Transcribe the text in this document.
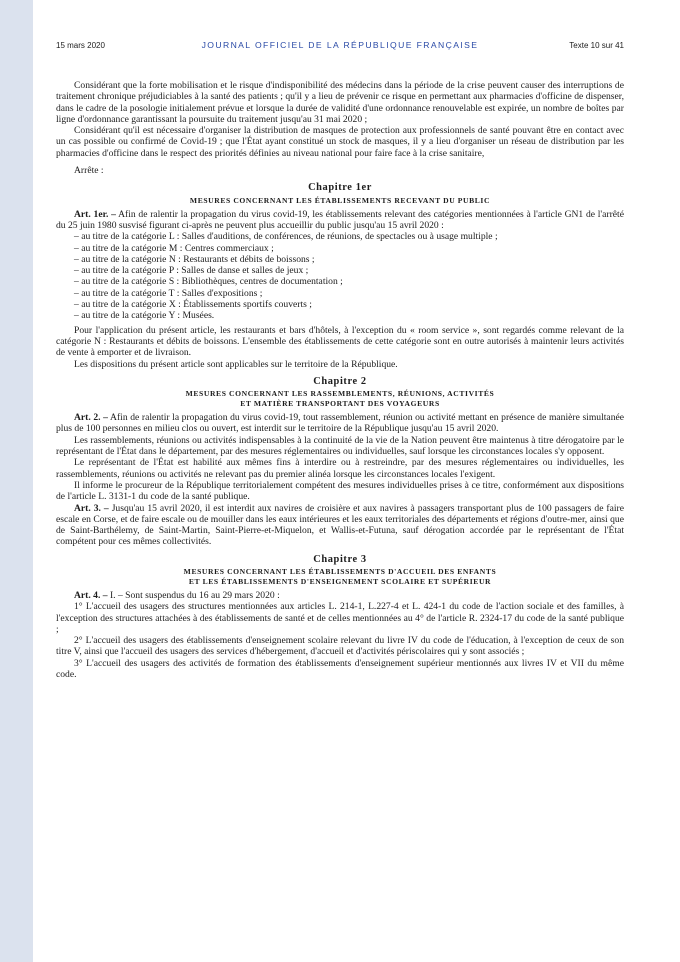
15 mars 2020	JOURNAL OFFICIEL DE LA RÉPUBLIQUE FRANÇAISE	Texte 10 sur 41

Considérant que la forte mobilisation et le risque d'indisponibilité des médecins dans la période de la crise peuvent causer des interruptions de traitement chronique préjudiciables à la santé des patients ; qu'il y a lieu de prévenir ce risque en permettant aux pharmacies d'officine de dispenser, dans le cadre de la posologie initialement prévue et lorsque la durée de validité d'une ordonnance renouvelable est expirée, un nombre de boîtes par ligne d'ordonnance garantissant la poursuite du traitement jusqu'au 31 mai 2020 ;

Considérant qu'il est nécessaire d'organiser la distribution de masques de protection aux professionnels de santé pouvant être en contact avec un cas possible ou confirmé de Covid-19 ; que l'État ayant constitué un stock de masques, il y a lieu d'organiser un réseau de distribution par les pharmacies d'officine dans le respect des priorités définies au niveau national pour faire face à la crise sanitaire,

Arrête :

Chapitre 1er
MESURES CONCERNANT LES ÉTABLISSEMENTS RECEVANT DU PUBLIC

Art. 1er. – Afin de ralentir la propagation du virus covid-19, les établissements relevant des catégories mentionnées à l'article GN1 de l'arrêté du 25 juin 1980 susvisé figurant ci-après ne peuvent plus accueillir du public jusqu'au 15 avril 2020 :

– au titre de la catégorie L : Salles d'auditions, de conférences, de réunions, de spectacles ou à usage multiple ;

– au titre de la catégorie M : Centres commerciaux ;

– au titre de la catégorie N : Restaurants et débits de boissons ;

– au titre de la catégorie P : Salles de danse et salles de jeux ;

– au titre de la catégorie S : Bibliothèques, centres de documentation ;

– au titre de la catégorie T : Salles d'expositions ;

– au titre de la catégorie X : Établissements sportifs couverts ;

– au titre de la catégorie Y : Musées.

Pour l'application du présent article, les restaurants et bars d'hôtels, à l'exception du « room service », sont regardés comme relevant de la catégorie N : Restaurants et débits de boissons. L'ensemble des établissements de cette catégorie sont en outre autorisés à maintenir leurs activités de vente à emporter et de livraison.

Les dispositions du présent article sont applicables sur le territoire de la République.

Chapitre 2
MESURES CONCERNANT LES RASSEMBLEMENTS, RÉUNIONS, ACTIVITÉS
ET MATIÈRE TRANSPORTANT DES VOYAGEURS

Art. 2. – Afin de ralentir la propagation du virus covid-19, tout rassemblement, réunion ou activité mettant en présence de manière simultanée plus de 100 personnes en milieu clos ou ouvert, est interdit sur le territoire de la République jusqu'au 15 avril 2020.

Les rassemblements, réunions ou activités indispensables à la continuité de la vie de la Nation peuvent être maintenus à titre dérogatoire par le représentant de l'État dans le département, par des mesures réglementaires ou individuelles, sauf lorsque les circonstances locales s'y opposent.

Le représentant de l'État est habilité aux mêmes fins à interdire ou à restreindre, par des mesures réglementaires ou individuelles, les rassemblements, réunions ou activités ne relevant pas du premier alinéa lorsque les circonstances locales l'exigent.

Il informe le procureur de la République territorialement compétent des mesures individuelles prises à ce titre, conformément aux dispositions de l'article L. 3131-1 du code de la santé publique.

Art. 3. – Jusqu'au 15 avril 2020, il est interdit aux navires de croisière et aux navires à passagers transportant plus de 100 passagers de faire escale en Corse, et de faire escale ou de mouiller dans les eaux intérieures et les eaux territoriales des départements et régions d'outre-mer, ainsi que de Saint-Barthélemy, de Saint-Martin, Saint-Pierre-et-Miquelon, et Wallis-et-Futuna, sauf dérogation accordée par le représentant de l'État compétent pour ces mêmes collectivités.

Chapitre 3
MESURES CONCERNANT LES ÉTABLISSEMENTS D'ACCUEIL DES ENFANTS
ET LES ÉTABLISSEMENTS D'ENSEIGNEMENT SCOLAIRE ET SUPÉRIEUR

Art. 4. – I. – Sont suspendus du 16 au 29 mars 2020 :

1° L'accueil des usagers des structures mentionnées aux articles L. 214-1, L.227-4 et L. 424-1 du code de l'action sociale et des familles, à l'exception des structures attachées à des établissements de santé et de celles mentionnées au 4° de l'article R. 2324-17 du code de la santé publique ;

2° L'accueil des usagers des établissements d'enseignement scolaire relevant du livre IV du code de l'éducation, à l'exception de ceux de son titre V, ainsi que l'accueil des usagers des services d'hébergement, d'accueil et d'activités périscolaires qui y sont associés ;

3° L'accueil des usagers des activités de formation des établissements d'enseignement supérieur mentionnés aux livres IV et VII du même code.
